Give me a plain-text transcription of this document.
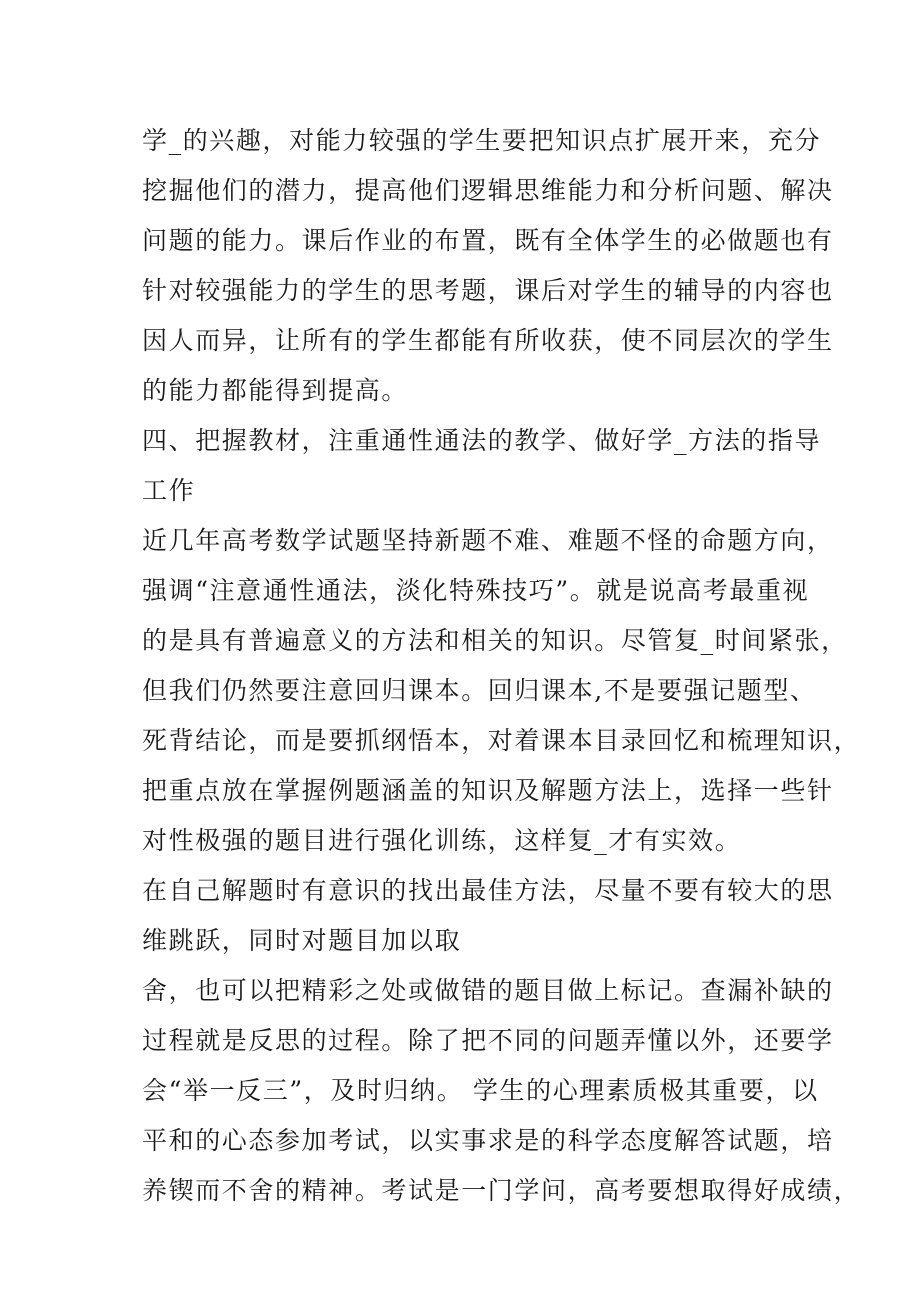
学_的兴趣，对能力较强的学生要把知识点扩展开来，充分
挖掘他们的潜力，提高他们逻辑思维能力和分析问题、解决
问题的能力。课后作业的布置，既有全体学生的必做题也有
针对较强能力的学生的思考题，课后对学生的辅导的内容也
因人而异，让所有的学生都能有所收获，使不同层次的学生
的能力都能得到提高。
四、把握教材，注重通性通法的教学、做好学_方法的指导
工作
近几年高考数学试题坚持新题不难、难题不怪的命题方向，
强调“注意通性通法，淡化特殊技巧”。就是说高考最重视
的是具有普遍意义的方法和相关的知识。尽管复_时间紧张，
但我们仍然要注意回归课本。回归课本,不是要强记题型、
死背结论，而是要抓纲悟本，对着课本目录回忆和梳理知识，
把重点放在掌握例题涵盖的知识及解题方法上，选择一些针
对性极强的题目进行强化训练，这样复_才有实效。
在自己解题时有意识的找出最佳方法，尽量不要有较大的思
维跳跃，同时对题目加以取
舍，也可以把精彩之处或做错的题目做上标记。查漏补缺的
过程就是反思的过程。除了把不同的问题弄懂以外，还要学
会“举一反三”，及时归纳。 学生的心理素质极其重要，以
平和的心态参加考试，以实事求是的科学态度解答试题，培
养锲而不舍的精神。考试是一门学问，高考要想取得好成绩，
